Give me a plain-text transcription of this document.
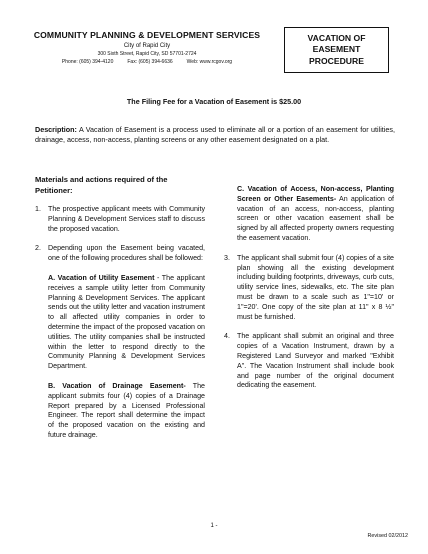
COMMUNITY PLANNING & DEVELOPMENT SERVICES
City of Rapid City
300 Sixth Street, Rapid City, SD 57701-2724
Phone: (605) 394-4120	Fax: (605) 394-6636	Web: www.rcgov.org
VACATION OF
EASEMENT
PROCEDURE
The Filing Fee for a Vacation of Easement is $25.00
Description: A Vacation of Easement is a process used to eliminate all or a portion of an easement for utilities, drainage, access, non-access, planting screens or any other easement designated on a plat.
Materials and actions required of the Petitioner:
1. The prospective applicant meets with Community Planning & Development Services staff to discuss the proposed vacation.
2. Depending upon the Easement being vacated, one of the following procedures shall be followed:
A. Vacation of Utility Easement - The applicant receives a sample utility letter from Community Planning & Development Services. The applicant sends out the utility letter and vacation instrument to all affected utility companies in order to determine the impact of the proposed vacation on utilities. The utility companies shall be instructed within the letter to respond directly to the Community Planning & Development Services Department.
B. Vacation of Drainage Easement- The applicant submits four (4) copies of a Drainage Report prepared by a Licensed Professional Engineer. The report shall determine the impact of the proposed vacation on the existing and future drainage.
C. Vacation of Access, Non-access, Planting Screen or Other Easements- An application of vacation of an access, non-access, planting screen or other vacation easement shall be signed by all affected property owners requesting the easement vacation.
3. The applicant shall submit four (4) copies of a site plan showing all the existing development including building footprints, driveways, curb cuts, utility service lines, sidewalks, etc. The site plan must be drawn to a scale such as 1"=10' or 1"=20'. One copy of the site plan at 11" x 8 ½" must be furnished.
4. The applicant shall submit an original and three copies of a Vacation Instrument, drawn by a Registered Land Surveyor and marked "Exhibit A". The Vacation Instrument shall include book and page number of the original document dedicating the easement.
1 -
Revised 02/2012
